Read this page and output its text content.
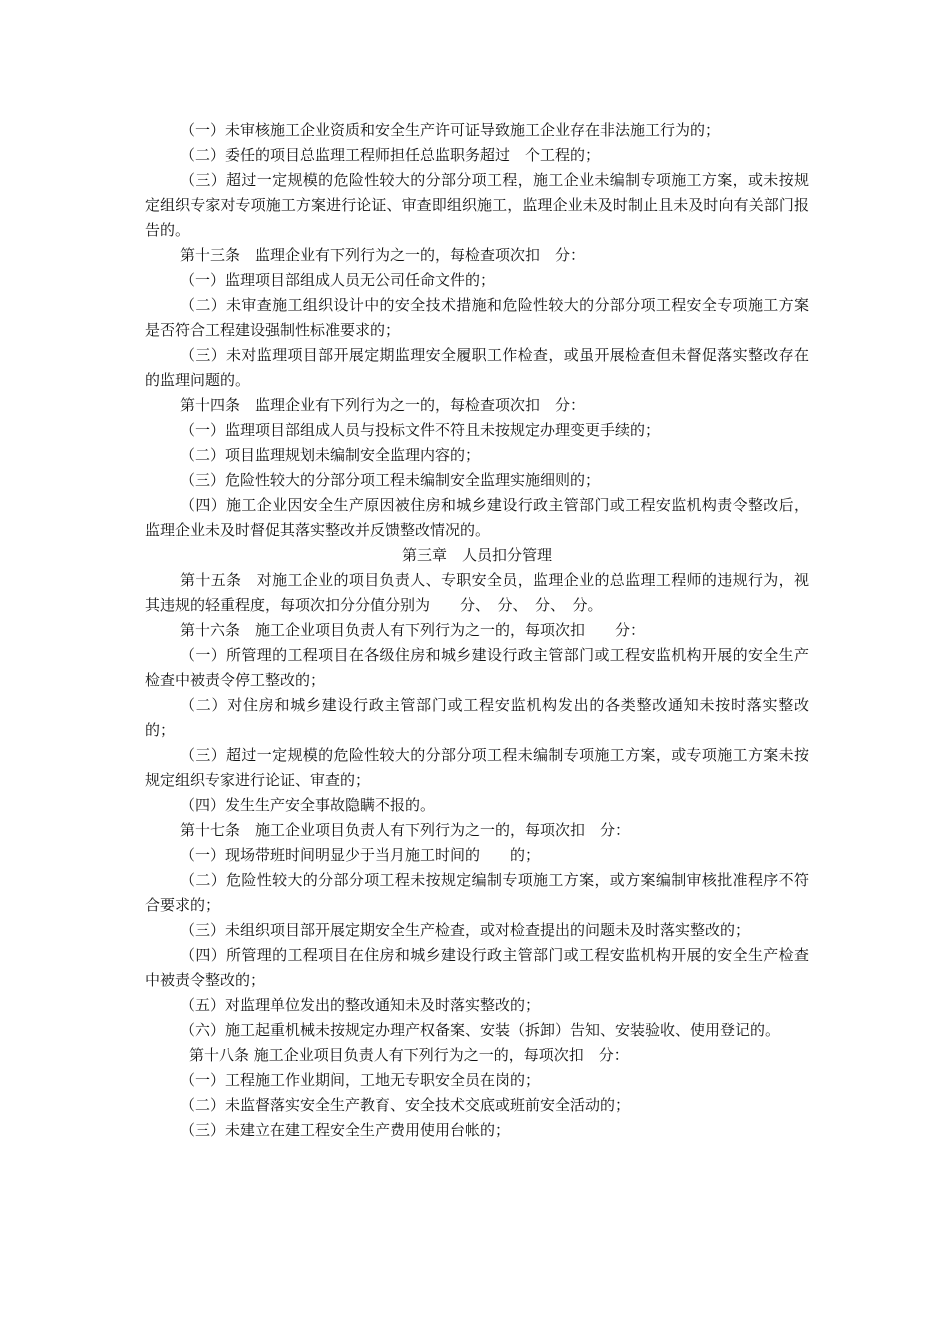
（一）未审核施工企业资质和安全生产许可证导致施工企业存在非法施工行为的；

（二）委任的项目总监理工程师担任总监职务超过　个工程的；

（三）超过一定规模的危险性较大的分部分项工程，施工企业未编制专项施工方案，或未按规定组织专家对专项施工方案进行论证、审查即组织施工，监理企业未及时制止且未及时向有关部门报告的。

第十三条　监理企业有下列行为之一的，每检查项次扣　分：

（一）监理项目部组成人员无公司任命文件的；

（二）未审查施工组织设计中的安全技术措施和危险性较大的分部分项工程安全专项施工方案是否符合工程建设强制性标准要求的；

（三）未对监理项目部开展定期监理安全履职工作检查，或虽开展检查但未督促落实整改存在的监理问题的。

第十四条　监理企业有下列行为之一的，每检查项次扣　分：

（一）监理项目部组成人员与投标文件不符且未按规定办理变更手续的；

（二）项目监理规划未编制安全监理内容的；

（三）危险性较大的分部分项工程未编制安全监理实施细则的；

（四）施工企业因安全生产原因被住房和城乡建设行政主管部门或工程安监机构责令整改后，监理企业未及时督促其落实整改并反馈整改情况的。

第三章　人员扣分管理

第十五条　对施工企业的项目负责人、专职安全员，监理企业的总监理工程师的违规行为，视其违规的轻重程度，每项次扣分分值分别为　　分、　分、　分、　分。

第十六条　施工企业项目负责人有下列行为之一的，每项次扣　　分：

（一）所管理的工程项目在各级住房和城乡建设行政主管部门或工程安监机构开展的安全生产检查中被责令停工整改的；

（二）对住房和城乡建设行政主管部门或工程安监机构发出的各类整改通知未按时落实整改的；

（三）超过一定规模的危险性较大的分部分项工程未编制专项施工方案，或专项施工方案未按规定组织专家进行论证、审查的；

（四）发生生产安全事故隐瞒不报的。

第十七条　施工企业项目负责人有下列行为之一的，每项次扣　分：

（一）现场带班时间明显少于当月施工时间的　　的；

（二）危险性较大的分部分项工程未按规定编制专项施工方案，或方案编制审核批准程序不符合要求的；

（三）未组织项目部开展定期安全生产检查，或对检查提出的问题未及时落实整改的；

（四）所管理的工程项目在住房和城乡建设行政主管部门或工程安监机构开展的安全生产检查中被责令整改的；

（五）对监理单位发出的整改通知未及时落实整改的；

（六）施工起重机械未按规定办理产权备案、安装（拆卸）告知、安装验收、使用登记的。

第十八条 施工企业项目负责人有下列行为之一的，每项次扣　分：

（一）工程施工作业期间，工地无专职安全员在岗的；

（二）未监督落实安全生产教育、安全技术交底或班前安全活动的；

（三）未建立在建工程安全生产费用使用台帐的；
